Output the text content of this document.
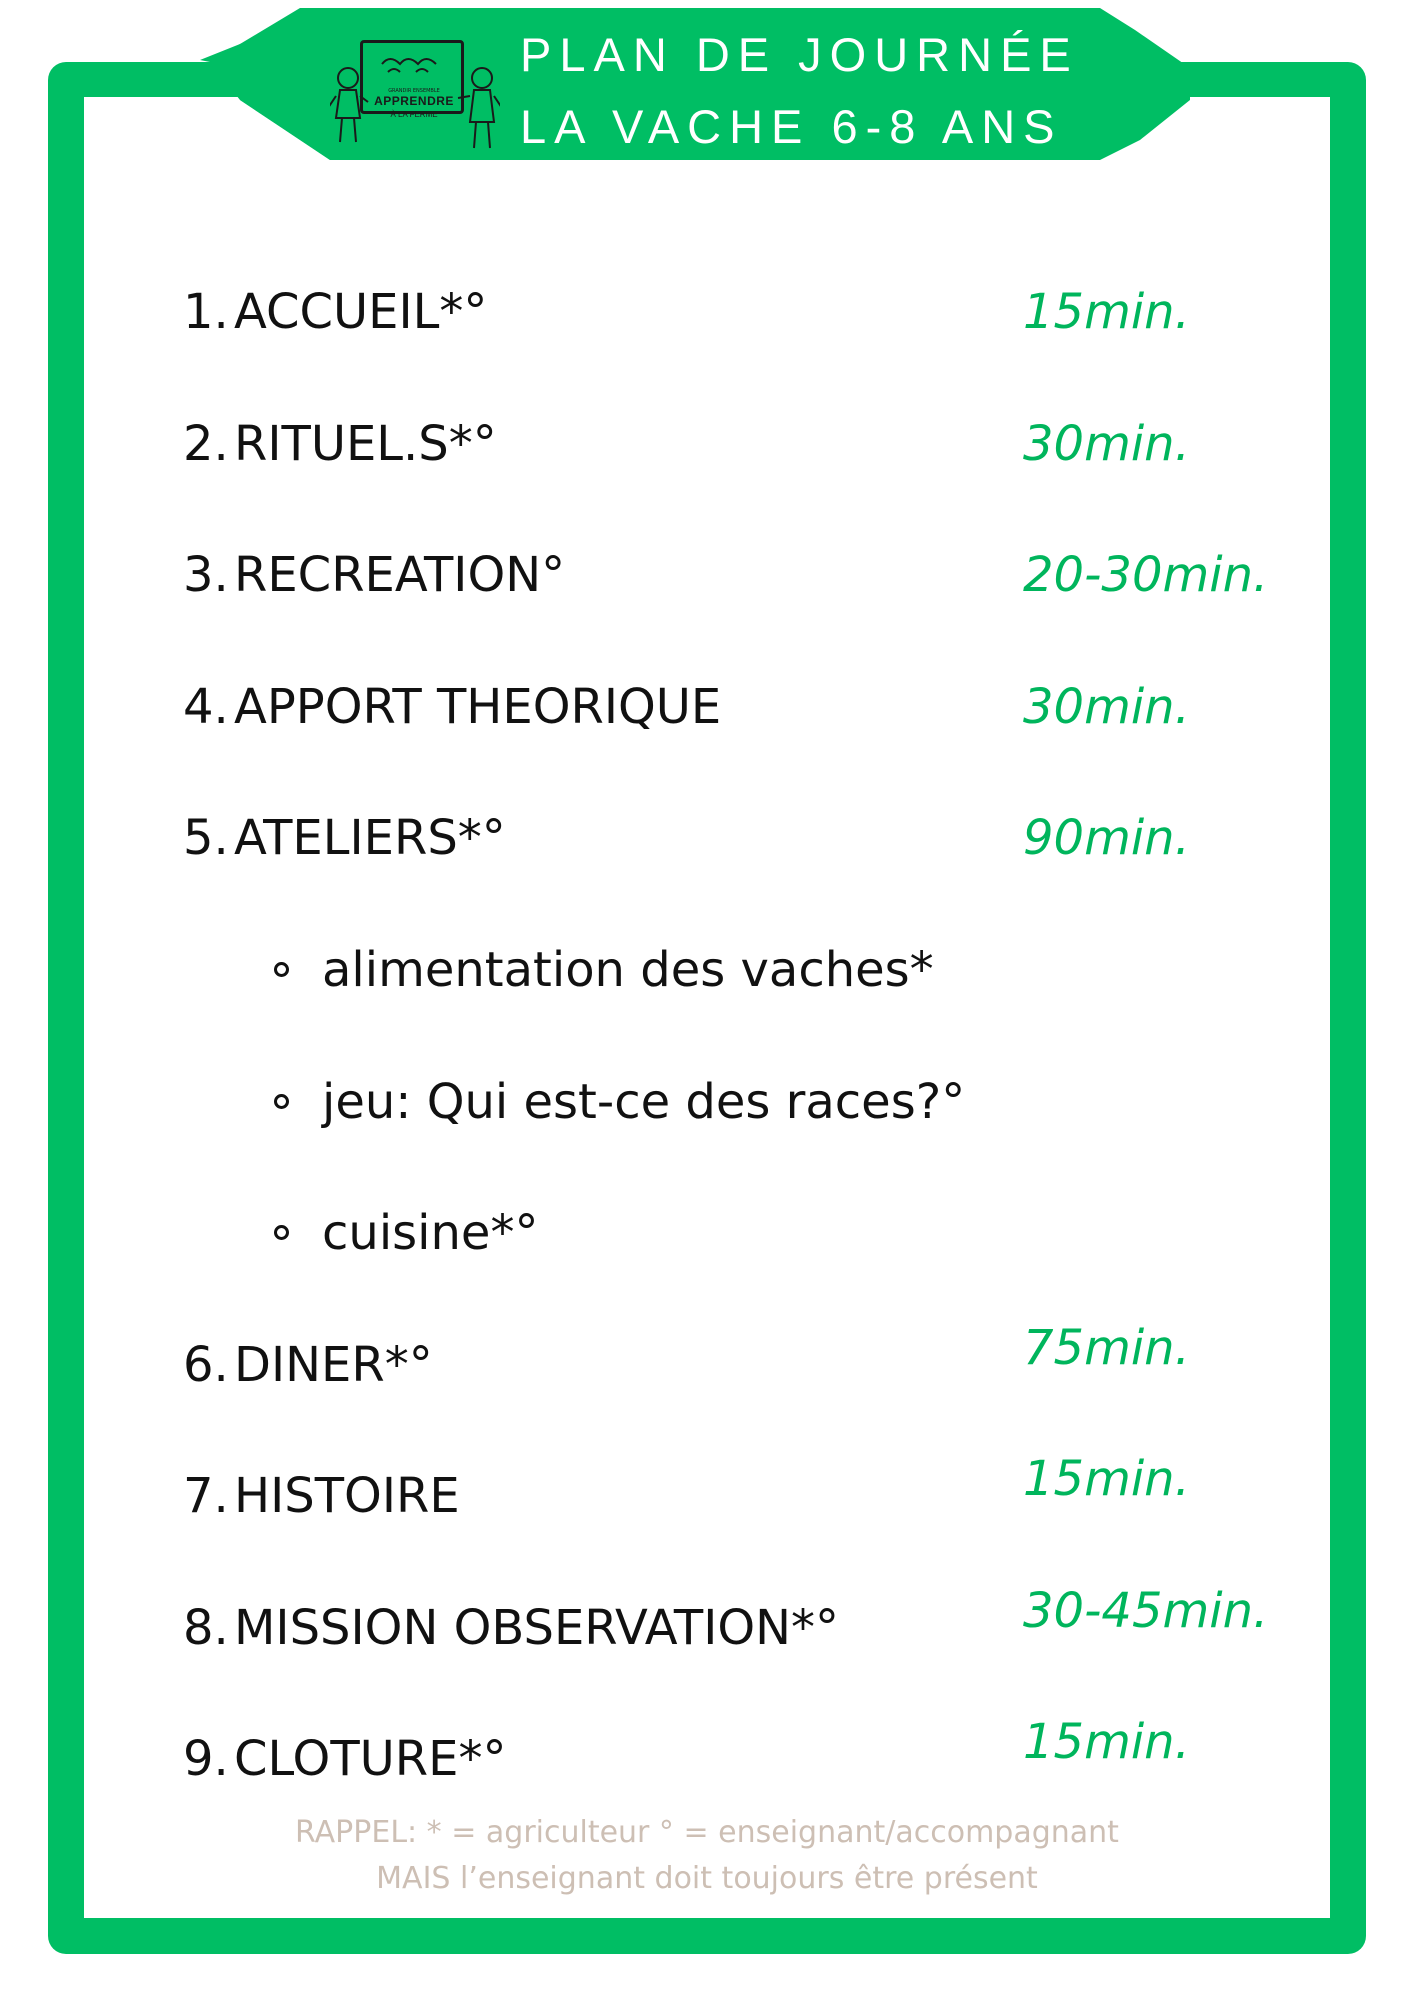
GRANDIR ENSEMBLE
APPRENDRE
À LA FERME
PLAN DE JOURNÉE
LA VACHE 6-8 ANS
1. ACCUEIL*°	15min.
2. RITUEL.S*°	30min.
3. RECREATION°	20-30min.
4. APPORT THEORIQUE	30min.
5. ATELIERS*°	90min.
alimentation des vaches*
jeu: Qui est-ce des races?°
cuisine*°
6. DINER*°	75min.
7. HISTOIRE	15min.
8. MISSION OBSERVATION*°	30-45min.
9. CLOTURE*°	15min.
RAPPEL: * = agriculteur ° = enseignant/accompagnant
MAIS l’enseignant doit toujours être présent
